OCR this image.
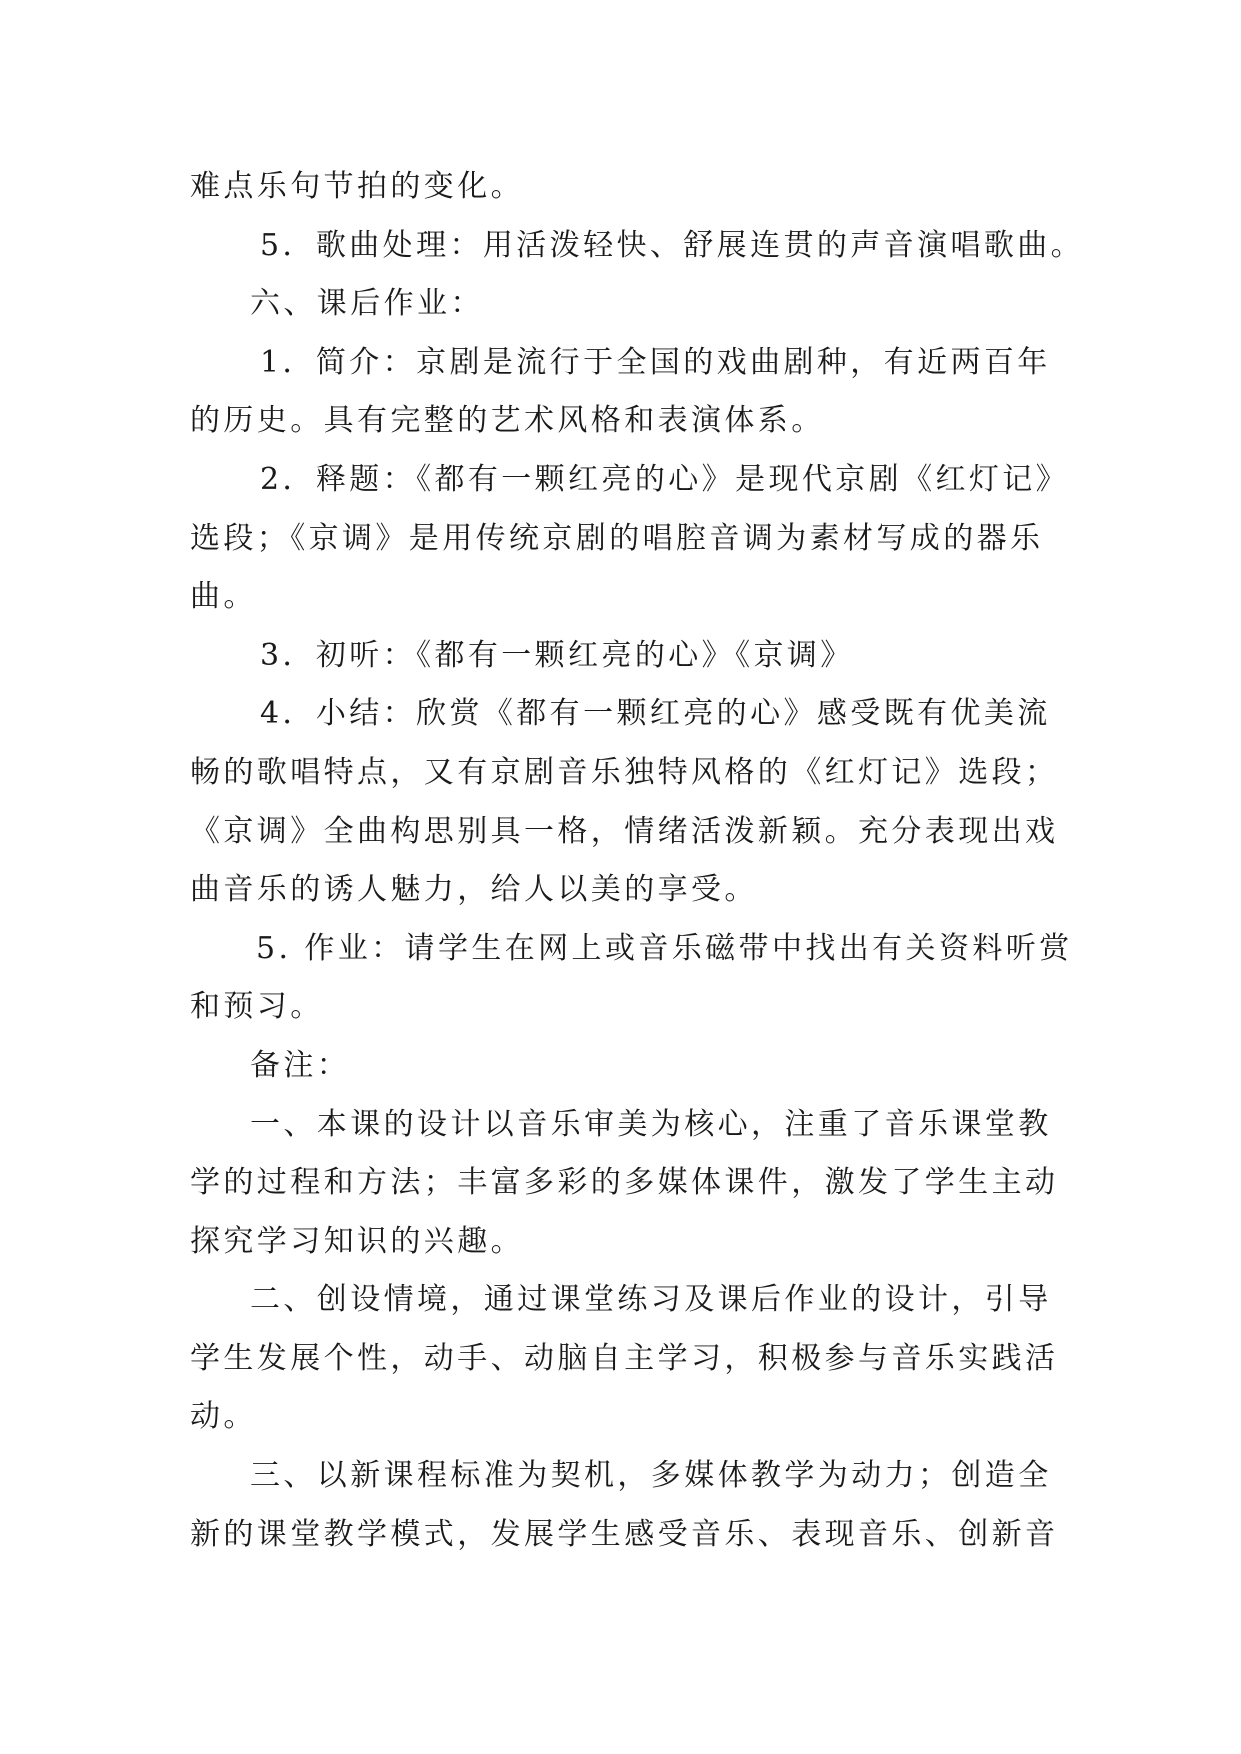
难点乐句节拍的变化。
5．歌曲处理：用活泼轻快、舒展连贯的声音演唱歌曲。
六、课后作业：
1．简介：京剧是流行于全国的戏曲剧种，有近两百年
的历史。具有完整的艺术风格和表演体系。
2．释题：《都有一颗红亮的心》是现代京剧《红灯记》
选段；《京调》是用传统京剧的唱腔音调为素材写成的器乐
曲。
3．初听：《都有一颗红亮的心》《京调》
4．小结：欣赏《都有一颗红亮的心》感受既有优美流
畅的歌唱特点，又有京剧音乐独特风格的《红灯记》选段；
《京调》全曲构思别具一格，情绪活泼新颖。充分表现出戏
曲音乐的诱人魅力，给人以美的享受。
5. 作业：请学生在网上或音乐磁带中找出有关资料听赏
和预习。
备注：
一、本课的设计以音乐审美为核心，注重了音乐课堂教
学的过程和方法；丰富多彩的多媒体课件，激发了学生主动
探究学习知识的兴趣。
二、创设情境，通过课堂练习及课后作业的设计，引导
学生发展个性，动手、动脑自主学习，积极参与音乐实践活
动。
三、以新课程标准为契机，多媒体教学为动力；创造全
新的课堂教学模式，发展学生感受音乐、表现音乐、创新音
